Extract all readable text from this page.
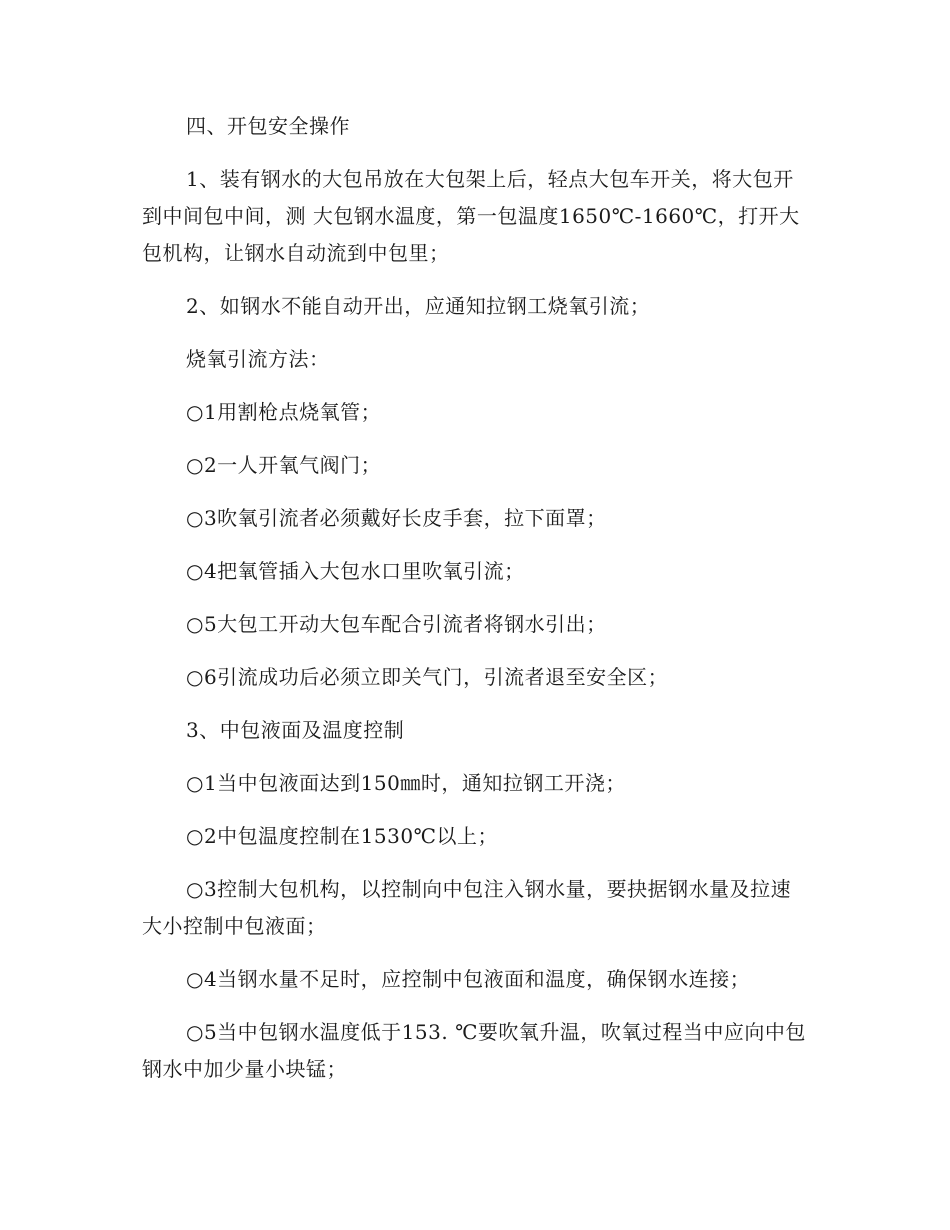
四、开包安全操作

1、装有钢水的大包吊放在大包架上后，轻点大包车开关，将大包开到中间包中间，测 大包钢水温度，第一包温度1650℃-1660℃，打开大包机构，让钢水自动流到中包里；

2、如钢水不能自动开出，应通知拉钢工烧氧引流；

烧氧引流方法：

○1用割枪点烧氧管；

○2一人开氧气阀门；

○3吹氧引流者必须戴好长皮手套，拉下面罩；

○4把氧管插入大包水口里吹氧引流；

○5大包工开动大包车配合引流者将钢水引出；

○6引流成功后必须立即关气门，引流者退至安全区；

3、中包液面及温度控制

○1当中包液面达到150㎜时，通知拉钢工开浇；

○2中包温度控制在1530℃以上；

○3控制大包机构，以控制向中包注入钢水量，要抉据钢水量及拉速大小控制中包液面；

○4当钢水量不足时，应控制中包液面和温度，确保钢水连接；

○5当中包钢水温度低于153. ℃要吹氧升温，吹氧过程当中应向中包钢水中加少量小块锰；
